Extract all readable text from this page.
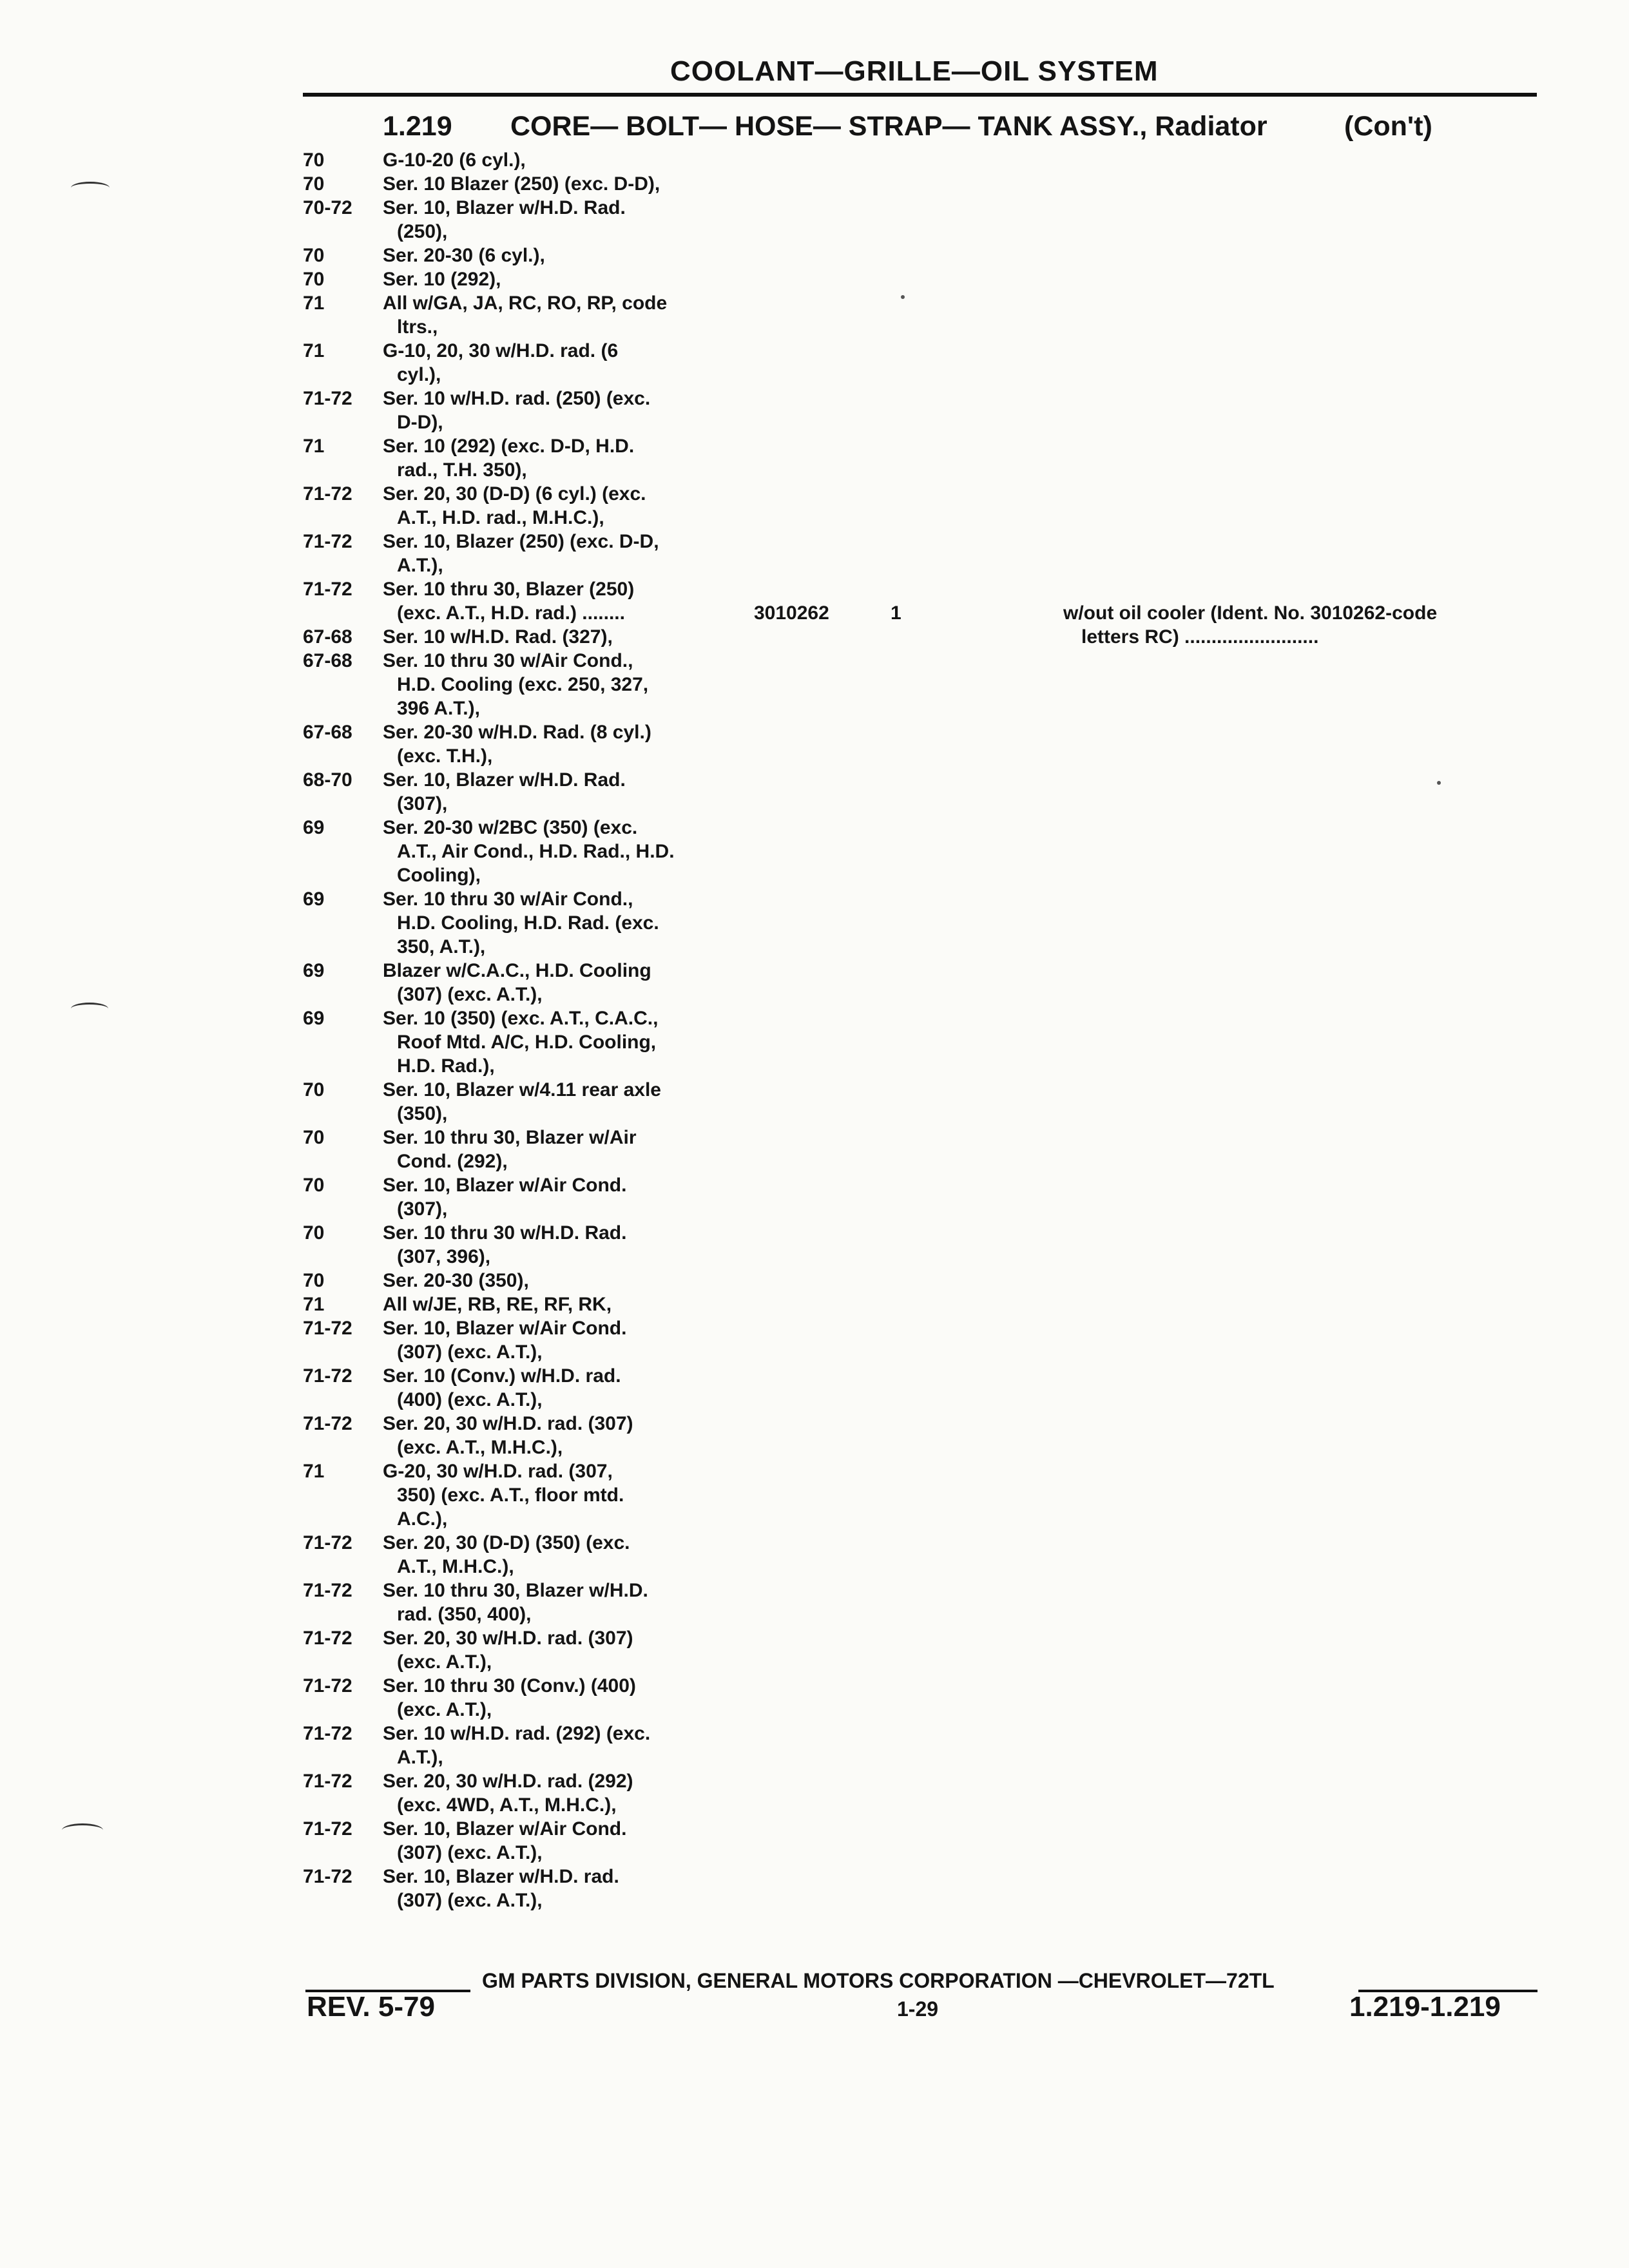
COOLANT—GRILLE—OIL SYSTEM
1.219 CORE— BOLT— HOSE— STRAP— TANK ASSY., Radiator	(Con't)
70	G-10-20 (6 cyl.),
70	Ser. 10 Blazer (250) (exc. D-D),
70-72	Ser. 10, Blazer w/H.D. Rad.
(250),
70	Ser. 20-30 (6 cyl.),
70	Ser. 10 (292),
71	All w/GA, JA, RC, RO, RP, code
ltrs.,
71	G-10, 20, 30 w/H.D. rad. (6
cyl.),
71-72	Ser. 10 w/H.D. rad. (250) (exc.
D-D),
71	Ser. 10 (292) (exc. D-D, H.D.
rad., T.H. 350),
71-72	Ser. 20, 30 (D-D) (6 cyl.) (exc.
A.T., H.D. rad., M.H.C.),
71-72	Ser. 10, Blazer (250) (exc. D-D,
A.T.),
71-72	Ser. 10 thru 30, Blazer (250)
(exc. A.T., H.D. rad.) ........	3010262	1	w/out oil cooler (Ident. No. 3010262-code
letters RC) .........................
67-68	Ser. 10 w/H.D. Rad. (327),
67-68	Ser. 10 thru 30 w/Air Cond.,
H.D. Cooling (exc. 250, 327,
396 A.T.),
67-68	Ser. 20-30 w/H.D. Rad. (8 cyl.)
(exc. T.H.),
68-70	Ser. 10, Blazer w/H.D. Rad.
(307),
69	Ser. 20-30 w/2BC (350) (exc.
A.T., Air Cond., H.D. Rad., H.D.
Cooling),
69	Ser. 10 thru 30 w/Air Cond.,
H.D. Cooling, H.D. Rad. (exc.
350, A.T.),
69	Blazer w/C.A.C., H.D. Cooling
(307) (exc. A.T.),
69	Ser. 10 (350) (exc. A.T., C.A.C.,
Roof Mtd. A/C, H.D. Cooling,
H.D. Rad.),
70	Ser. 10, Blazer w/4.11 rear axle
(350),
70	Ser. 10 thru 30, Blazer w/Air
Cond. (292),
70	Ser. 10, Blazer w/Air Cond.
(307),
70	Ser. 10 thru 30 w/H.D. Rad.
(307, 396),
70	Ser. 20-30 (350),
71	All w/JE, RB, RE, RF, RK,
71-72	Ser. 10, Blazer w/Air Cond.
(307) (exc. A.T.),
71-72	Ser. 10 (Conv.) w/H.D. rad.
(400) (exc. A.T.),
71-72	Ser. 20, 30 w/H.D. rad. (307)
(exc. A.T., M.H.C.),
71	G-20, 30 w/H.D. rad. (307,
350) (exc. A.T., floor mtd.
A.C.),
71-72	Ser. 20, 30 (D-D) (350) (exc.
A.T., M.H.C.),
71-72	Ser. 10 thru 30, Blazer w/H.D.
rad. (350, 400),
71-72	Ser. 20, 30 w/H.D. rad. (307)
(exc. A.T.),
71-72	Ser. 10 thru 30 (Conv.) (400)
(exc. A.T.),
71-72	Ser. 10 w/H.D. rad. (292) (exc.
A.T.),
71-72	Ser. 20, 30 w/H.D. rad. (292)
(exc. 4WD, A.T., M.H.C.),
71-72	Ser. 10, Blazer w/Air Cond.
(307) (exc. A.T.),
71-72	Ser. 10, Blazer w/H.D. rad.
(307) (exc. A.T.),
GM PARTS DIVISION, GENERAL MOTORS CORPORATION —CHEVROLET—72TL
REV. 5-79	1-29	1.219-1.219
